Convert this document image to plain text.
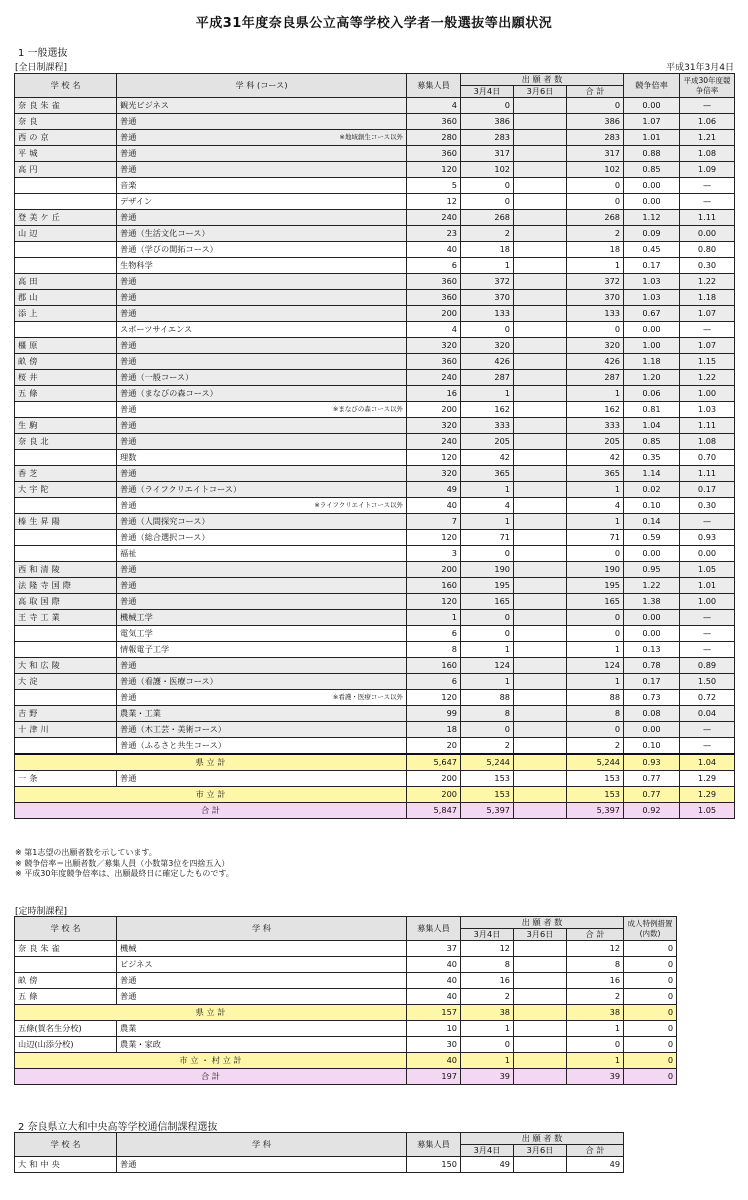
平成31年度奈良県公立高等学校入学者一般選抜等出願状況
1 一般選抜
[全日制課程]	平成31年3月4日
学 校 名	学 科 (コース)	募集人員	出 願 者 数			競争倍率	平成30年度競争倍率
			3月4日	3月6日	合 計		
奈良朱雀	観光ビジネス	4	0		0	0.00	—
奈良	普通	360	386		386	1.07	1.06
西の京	普通 ※地域創生コース以外	280	283		283	1.01	1.21
平城	普通	360	317		317	0.88	1.08
高円	普通	120	102		102	0.85	1.09
	音楽	5	0		0	0.00	—
	デザイン	12	0		0	0.00	—
登美ケ丘	普通	240	268		268	1.12	1.11
山辺	普通（生活文化コース）	23	2		2	0.09	0.00
	普通（学びの開拓コース）	40	18		18	0.45	0.80
	生物科学	6	1		1	0.17	0.30
高田	普通	360	372		372	1.03	1.22
郡山	普通	360	370		370	1.03	1.18
添上	普通	200	133		133	0.67	1.07
	スポーツサイエンス	4	0		0	0.00	—
橿原	普通	320	320		320	1.00	1.07
畝傍	普通	360	426		426	1.18	1.15
桜井	普通（一般コース）	240	287		287	1.20	1.22
五條	普通（まなびの森コース）	16	1		1	0.06	1.00
	普通 ※まなびの森コース以外	200	162		162	0.81	1.03
生駒	普通	320	333		333	1.04	1.11
奈良北	普通	240	205		205	0.85	1.08
	理数	120	42		42	0.35	0.70
香芝	普通	320	365		365	1.14	1.11
大宇陀	普通（ライフクリエイトコース）	49	1		1	0.02	0.17
	普通 ※ライフクリエイトコース以外	40	4		4	0.10	0.30
榛生昇陽	普通（人間探究コース）	7	1		1	0.14	—
	普通（総合選択コース）	120	71		71	0.59	0.93
	福祉	3	0		0	0.00	0.00
西和清陵	普通	200	190		190	0.95	1.05
法隆寺国際	普通	160	195		195	1.22	1.01
高取国際	普通	120	165		165	1.38	1.00
王寺工業	機械工学	1	0		0	0.00	—
	電気工学	6	0		0	0.00	—
	情報電子工学	8	1		1	0.13	—
大和広陵	普通	160	124		124	0.78	0.89
大淀	普通（看護・医療コース）	6	1		1	0.17	1.50
	普通 ※看護・医療コース以外	120	88		88	0.73	0.72
吉野	農業・工業	99	8		8	0.08	0.04
十津川	普通（木工芸・美術コース）	18	0		0	0.00	—
	普通（ふるさと共生コース）	20	2		2	0.10	—
県 立 計		5,647	5,244		5,244	0.93	1.04
一条	普通	200	153		153	0.77	1.29
市 立 計		200	153		153	0.77	1.29
合 計		5,847	5,397		5,397	0.92	1.05
※ 第1志望の出願者数を示しています。
※ 競争倍率＝出願者数／募集人員（小数第3位を四捨五入）
※ 平成30年度競争倍率は、出願最終日に確定したものです。
[定時制課程]
学 校 名	学 科	募集人員	出 願 者 数			成人特例措置(内数)
			3月4日	3月6日	合 計	
奈良朱雀	機械	37	12		12	0
	ビジネス	40	8		8	0
畝傍	普通	40	16		16	0
五條	普通	40	2		2	0
県 立 計		157	38		38	0
五條(賀名生分校)	農業	10	1		1	0
山辺(山添分校)	農業・家政	30	0		0	0
市 立 ・ 村 立 計		40	1		1	0
合 計		197	39		39	0
2 奈良県立大和中央高等学校通信制課程選抜
学 校 名	学 科	募集人員	出 願 者 数		
			3月4日	3月6日	合 計
大和中央	普通	150	49		49
